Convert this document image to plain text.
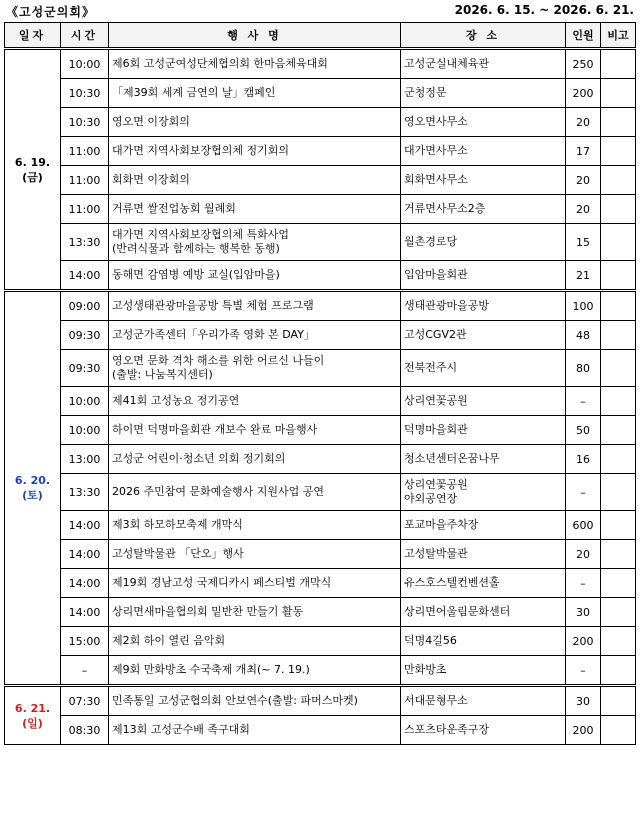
《고성군의회》	2026. 6. 15. ~ 2026. 6. 21.
일자	시간	행 사 명	장 소	인원	비고

6. 19.
(금)	10:00	제6회 고성군여성단체협의회 한마음체육대회	고성군실내체육관	250	
	10:30	「제39회 세계 금연의 날」캠페인	군청정문	200	
	10:30	영오면 이장회의	영오면사무소	20	
	11:00	대가면 지역사회보장협의체 정기회의	대가면사무소	17	
	11:00	회화면 이장회의	회화면사무소	20	
	11:00	거류면 쌀전업농회 월례회	거류면사무소2층	20	
	13:30	대가면 지역사회보장협의체 특화사업
(반려식물과 함께하는 행복한 동행)	월촌경로당	15	
	14:00	동해면 감염병 예방 교실(입암마을)	입암마을회관	21	

6. 20.
(토)	09:00	고성생태관광마을공방 특별 체험 프로그램	생태관광마을공방	100	
	09:30	고성군가족센터「우리가족 영화 본 DAY」	고성CGV2관	48	
	09:30	영오면 문화 격차 해소를 위한 어르신 나들이
(출발: 나눔복지센터)	전북전주시	80	
	10:00	제41회 고성농요 정기공연	상리연꽃공원	–	
	10:00	하이면 덕명마을회관 개보수 완료 마을행사	덕명마을회관	50	
	13:00	고성군 어린이·청소년 의회 정기회의	청소년센터온꿈나무	16	
	13:30	2026 주민참여 문화예술행사 지원사업 공연	상리연꽃공원
야외공연장	–	
	14:00	제3회 하모하모축제 개막식	포교마을주차장	600	
	14:00	고성탈박물관 「단오」행사	고성탈박물관	20	
	14:00	제19회 경남고성 국제디카시 페스티벌 개막식	유스호스텔컨벤션홀	–	
	14:00	상리면새마을협의회 밑반찬 만들기 활동	상리면어울림문화센터	30	
	15:00	제2회 하이 열린 음악회	덕명4길56	200	
	–	제9회 만화방초 수국축제 개최(~ 7. 19.)	만화방초	–	

6. 21.
(일)	07:30	민족통일 고성군협의회 안보연수(출발: 파머스마켓)	서대문형무소	30	
	08:30	제13회 고성군수배 족구대회	스포츠타운족구장	200	
